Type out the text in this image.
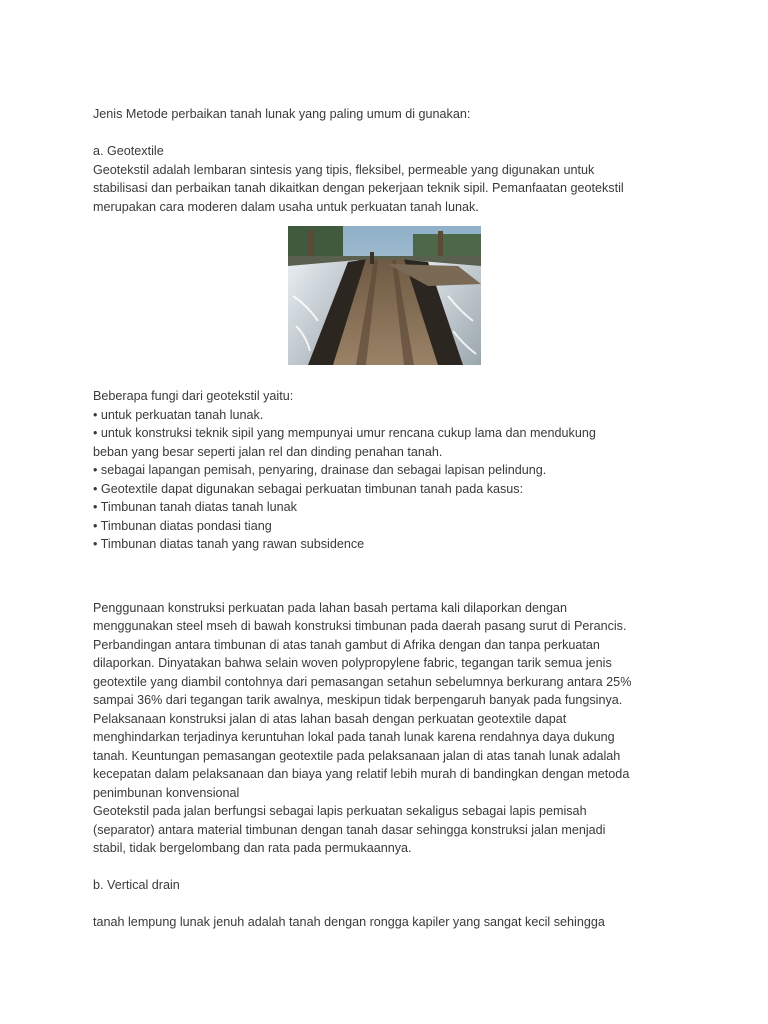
Jenis Metode perbaikan tanah lunak yang paling umum di gunakan:
a. Geotextile
Geotekstil adalah lembaran sintesis yang tipis, fleksibel, permeable yang digunakan untuk
stabilisasi dan perbaikan tanah dikaitkan dengan pekerjaan teknik sipil. Pemanfaatan geotekstil
merupakan cara moderen dalam usaha untuk perkuatan tanah lunak.
Beberapa fungi dari geotekstil yaitu:
• untuk perkuatan tanah lunak.
• untuk konstruksi teknik sipil yang mempunyai umur rencana cukup lama dan mendukung
beban yang besar seperti jalan rel dan dinding penahan tanah.
• sebagai lapangan pemisah, penyaring, drainase dan sebagai lapisan pelindung.
• Geotextile dapat digunakan sebagai perkuatan timbunan tanah pada kasus:
• Timbunan tanah diatas tanah lunak
• Timbunan diatas pondasi tiang
• Timbunan diatas tanah yang rawan subsidence
Penggunaan konstruksi perkuatan pada lahan basah pertama kali dilaporkan dengan
menggunakan steel mseh di bawah konstruksi timbunan pada daerah pasang surut di Perancis.
Perbandingan antara timbunan di atas tanah gambut di Afrika dengan dan tanpa perkuatan
dilaporkan. Dinyatakan bahwa selain woven polypropylene fabric, tegangan tarik semua jenis
geotextile yang diambil contohnya dari pemasangan setahun sebelumnya berkurang antara 25%
sampai 36% dari tegangan tarik awalnya, meskipun tidak berpengaruh banyak pada fungsinya.
Pelaksanaan konstruksi jalan di atas lahan basah dengan perkuatan geotextile dapat
menghindarkan terjadinya keruntuhan lokal pada tanah lunak karena rendahnya daya dukung
tanah. Keuntungan pemasangan geotextile pada pelaksanaan jalan di atas tanah lunak adalah
kecepatan dalam pelaksanaan dan biaya yang relatif lebih murah di bandingkan dengan metoda
penimbunan konvensional
Geotekstil pada jalan berfungsi sebagai lapis perkuatan sekaligus sebagai lapis pemisah
(separator) antara material timbunan dengan tanah dasar sehingga konstruksi jalan menjadi
stabil, tidak bergelombang dan rata pada permukaannya.
b. Vertical drain
tanah lempung lunak jenuh adalah tanah dengan rongga kapiler yang sangat kecil sehingga
